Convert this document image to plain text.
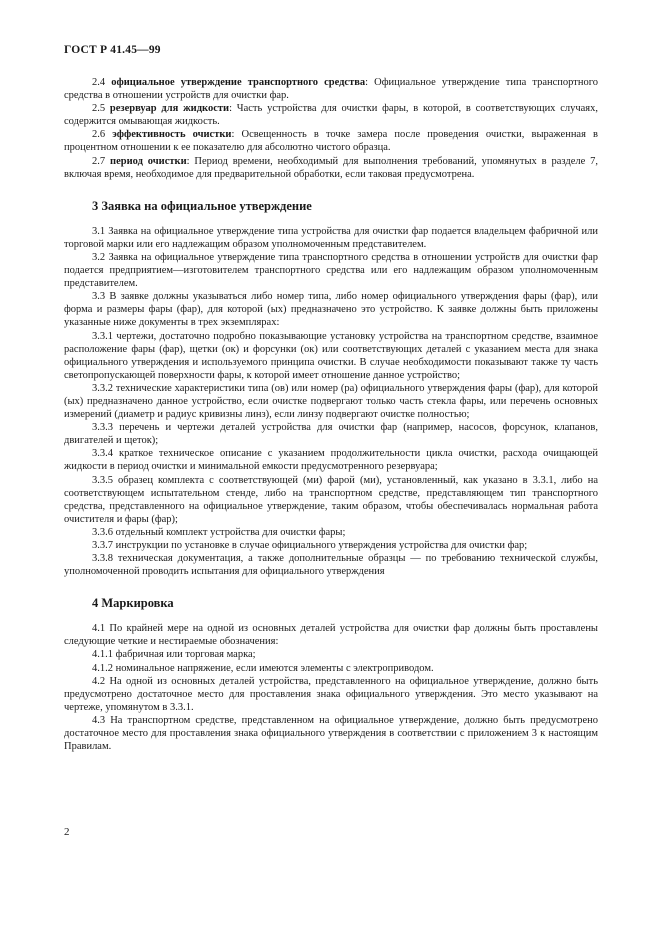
ГОСТ Р 41.45—99

2.4 официальное утверждение транспортного средства: Официальное утверждение типа транспортного средства в отношении устройств для очистки фар.

2.5 резервуар для жидкости: Часть устройства для очистки фары, в которой, в соответствующих случаях, содержится омывающая жидкость.

2.6 эффективность очистки: Освещенность в точке замера после проведения очистки, выраженная в процентном отношении к ее показателю для абсолютно чистого образца.

2.7 период очистки: Период времени, необходимый для выполнения требований, упомянутых в разделе 7, включая время, необходимое для предварительной обработки, если таковая предусмотрена.

3 Заявка на официальное утверждение

3.1 Заявка на официальное утверждение типа устройства для очистки фар подается владельцем фабричной или торговой марки или его надлежащим образом уполномоченным представителем.

3.2 Заявка на официальное утверждение типа транспортного средства в отношении устройств для очистки фар подается предприятием—изготовителем транспортного средства или его надлежащим образом уполномоченным представителем.

3.3 В заявке должны указываться либо номер типа, либо номер официального утверждения фары (фар), или форма и размеры фары (фар), для которой (ых) предназначено это устройство. К заявке должны быть приложены указанные ниже документы в трех экземплярах:

3.3.1 чертежи, достаточно подробно показывающие установку устройства на транспортном средстве, взаимное расположение фары (фар), щетки (ок) и форсунки (ок) или соответствующих деталей с указанием места для знака официального утверждения и используемого принципа очистки. В случае необходимости показывают также ту часть светопропускающей поверхности фары, к которой имеет отношение данное устройство;

3.3.2 технические характеристики типа (ов) или номер (ра) официального утверждения фары (фар), для которой (ых) предназначено данное устройство, если очистке подвергают только часть стекла фары, или перечень основных измерений (диаметр и радиус кривизны линз), если линзу подвергают очистке полностью;

3.3.3 перечень и чертежи деталей устройства для очистки фар (например, насосов, форсунок, клапанов, двигателей и щеток);

3.3.4 краткое техническое описание с указанием продолжительности цикла очистки, расхода очищающей жидкости в период очистки и минимальной емкости предусмотренного резервуара;

3.3.5 образец комплекта с соответствующей (ми) фарой (ми), установленный, как указано в 3.3.1, либо на соответствующем испытательном стенде, либо на транспортном средстве, представляющем тип транспортного средства, представленного на официальное утверждение, таким образом, чтобы обеспечивалась нормальная работа очистителя и фары (фар);

3.3.6 отдельный комплект устройства для очистки фары;

3.3.7 инструкции по установке в случае официального утверждения устройства для очистки фар;

3.3.8 техническая документация, а также дополнительные образцы — по требованию технической службы, уполномоченной проводить испытания для официального утверждения

4 Маркировка

4.1 По крайней мере на одной из основных деталей устройства для очистки фар должны быть проставлены следующие четкие и нестираемые обозначения:

4.1.1 фабричная или торговая марка;

4.1.2 номинальное напряжение, если имеются элементы с электроприводом.

4.2 На одной из основных деталей устройства, представленного на официальное утверждение, должно быть предусмотрено достаточное место для проставления знака официального утверждения. Это место указывают на чертеже, упомянутом в 3.3.1.

4.3 На транспортном средстве, представленном на официальное утверждение, должно быть предусмотрено достаточное место для проставления знака официального утверждения в соответствии с приложением 3 к настоящим Правилам.

2
